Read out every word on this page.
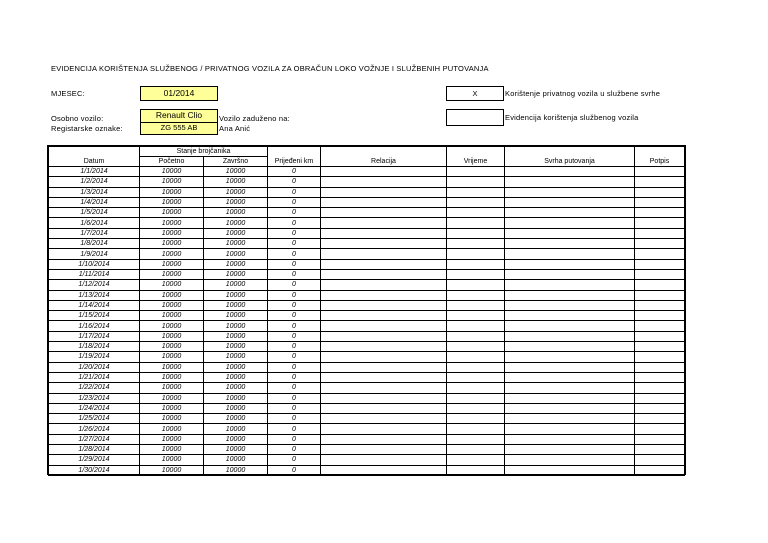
EVIDENCIJA KORIŠTENJA SLUŽBENOG / PRIVATNOG VOZILA ZA OBRAČUN LOKO VOŽNJE I SLUŽBENIH PUTOVANJA
MJESEC:	01/2014
Osobno vozilo:
Registarske oznake:
Renault Clio
ZG 555 AB
Vozilo zaduženo na:
Ana Anić
X	Korištenje privatnog vozila u službene svrhe
Evidencija korištenja službenog vozila
Datum	Stanje brojčanika		Prijeđeni km	Relacija	Vrijeme	Svrha putovanja	Potpis
	Početno	Završno					
1/1/2014	10000	10000	0				
1/2/2014	10000	10000	0				
1/3/2014	10000	10000	0				
1/4/2014	10000	10000	0				
1/5/2014	10000	10000	0				
1/6/2014	10000	10000	0				
1/7/2014	10000	10000	0				
1/8/2014	10000	10000	0				
1/9/2014	10000	10000	0				
1/10/2014	10000	10000	0				
1/11/2014	10000	10000	0				
1/12/2014	10000	10000	0				
1/13/2014	10000	10000	0				
1/14/2014	10000	10000	0				
1/15/2014	10000	10000	0				
1/16/2014	10000	10000	0				
1/17/2014	10000	10000	0				
1/18/2014	10000	10000	0				
1/19/2014	10000	10000	0				
1/20/2014	10000	10000	0				
1/21/2014	10000	10000	0				
1/22/2014	10000	10000	0				
1/23/2014	10000	10000	0				
1/24/2014	10000	10000	0				
1/25/2014	10000	10000	0				
1/26/2014	10000	10000	0				
1/27/2014	10000	10000	0				
1/28/2014	10000	10000	0				
1/29/2014	10000	10000	0				
1/30/2014	10000	10000	0				
